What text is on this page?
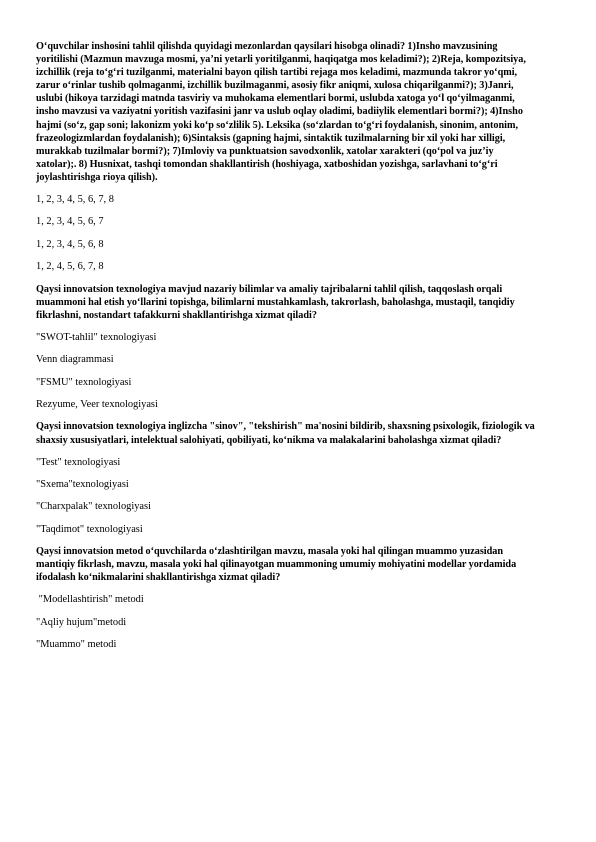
O‘quvchilar inshosini tahlil qilishda quyidagi mezonlardan qaysilari hisobga olinadi? 1)Insho mavzusining yoritilishi (Mazmun mavzuga mosmi, ya’ni yetarli yoritilganmi, haqiqatga mos keladimi?); 2)Reja, kompozitsiya, izchillik (reja to‘g‘ri tuzilganmi, materialni bayon qilish tartibi rejaga mos keladimi, mazmunda takror yo‘qmi, zarur o‘rinlar tushib qolmaganmi, izchillik buzilmaganmi, asosiy fikr aniqmi, xulosa chiqarilganmi?); 3)Janri, uslubi (hikoya tarzidagi matnda tasviriy va muhokama elementlari bormi, uslubda xatoga yo‘l qo‘yilmaganmi, insho mavzusi va vaziyatni yoritish vazifasini janr va uslub oqlay oladimi, badiiylik elementlari bormi?); 4)Insho hajmi (so‘z, gap soni; lakonizm yoki ko‘p so‘zlilik 5). Leksika (so‘zlardan to‘g‘ri foydalanish, sinonim, antonim, frazeologizmlardan foydalanish); 6)Sintaksis (gapning hajmi, sintaktik tuzilmalarning bir xil yoki har xilligi, murakkab tuzilmalar bormi?); 7)Imloviy va punktuatsion savodxonlik, xatolar xarakteri (qo‘pol va juz’iy xatolar);. 8) Husnixat, tashqi tomondan shakllantirish (hoshiyaga, xatboshidan yozishga, sarlavhani to‘g‘ri joylashtirishga rioya qilish).

1, 2, 3, 4, 5, 6, 7, 8

1, 2, 3, 4, 5, 6, 7

1, 2, 3, 4, 5, 6, 8

1, 2, 4, 5, 6, 7, 8

Qaysi innovatsion texnologiya mavjud nazariy bilimlar va amaliy tajribalarni tahlil qilish, taqqoslash orqali muammoni hal etish yo‘llarini topishga, bilimlarni mustahkamlash, takrorlash, baholashga, mustaqil, tanqidiy fikrlashni, nostandart tafakkurni shakllantirishga xizmat qiladi?

"SWOT-tahlil" texnologiyasi

Venn diagrammasi

"FSMU" texnologiyasi

Rezyume, Veer texnologiyasi

Qaysi innovatsion texnologiya inglizcha "sinov", "tekshirish" ma'nosini bildirib, shaxsning psixologik, fiziologik va shaxsiy xususiyatlari, intelektual salohiyati, qobiliyati, ko‘nikma va malakalarini baholashga xizmat qiladi?

"Test" texnologiyasi

"Sxema"texnologiyasi

"Charxpalak" texnologiyasi

"Taqdimot" texnologiyasi

Qaysi innovatsion metod o‘quvchilarda o‘zlashtirilgan mavzu, masala yoki hal qilingan muammo yuzasidan mantiqiy fikrlash, mavzu, masala yoki hal qilinayotgan muammoning umumiy mohiyatini modellar yordamida ifodalash ko‘nikmalarini shakllantirishga xizmat qiladi?

"Modellashtirish" metodi

"Aqliy hujum"metodi

"Muammo" metodi
